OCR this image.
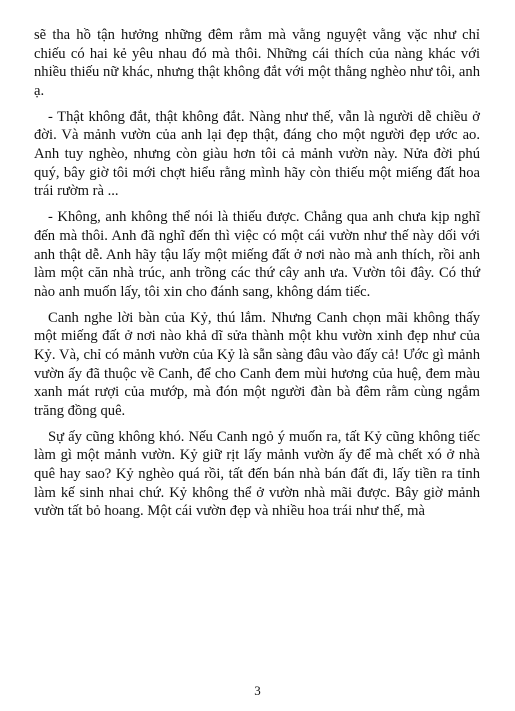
sẽ tha hồ tận hưởng những đêm rằm mà vằng nguyệt vằng vặc như chỉ chiếu có hai kẻ yêu nhau đó mà thôi. Những cái thích của nàng khác với nhiều thiếu nữ khác, nhưng thật không đắt với một thằng nghèo như tôi, anh ạ.

- Thật không đắt, thật không đắt. Nàng như thế, vẫn là người dễ chiều ở đời. Và mảnh vườn của anh lại đẹp thật, đáng cho một người đẹp ước ao. Anh tuy nghèo, nhưng còn giàu hơn tôi cả mảnh vườn này. Nửa đời phú quý, bây giờ tôi mới chợt hiểu rằng mình hãy còn thiếu một miếng đất hoa trái rườm rà ...

- Không, anh không thể nói là thiếu được. Chẳng qua anh chưa kịp nghĩ đến mà thôi. Anh đã nghĩ đến thì việc có một cái vườn như thế này dối với anh thật dễ. Anh hãy tậu lấy một miếng đất ở nơi nào mà anh thích, rồi anh làm một căn nhà trúc, anh trồng các thứ cây anh ưa. Vườn tôi đây. Có thứ nào anh muốn lấy, tôi xin cho đánh sang, không dám tiếc.

Canh nghe lời bàn của Kỷ, thú lắm. Nhưng Canh chọn mãi không thấy một miếng đất ở nơi nào khả dĩ sửa thành một khu vườn xinh đẹp như của Kỷ. Và, chỉ có mảnh vườn của Kỷ là sẵn sàng đâu vào đấy cả! Ước gì mảnh vườn ấy đã thuộc về Canh, để cho Canh đem mùi hương của huệ, đem màu xanh mát rượi của mướp, mà đón một người đàn bà đêm rằm cùng ngắm trăng đồng quê.

Sự ấy cũng không khó. Nếu Canh ngỏ ý muốn ra, tất Kỷ cũng không tiếc làm gì một mảnh vườn. Kỷ giữ rịt lấy mảnh vườn ấy để mà chết xó ở nhà quê hay sao? Kỷ nghèo quá rồi, tất đến bán nhà bán đất đi, lấy tiền ra tỉnh làm kế sinh nhai chứ. Kỷ không thể ở vườn nhà mãi được. Bây giờ mảnh vườn tất bỏ hoang. Một cái vườn đẹp và nhiều hoa trái như thế, mà

3
